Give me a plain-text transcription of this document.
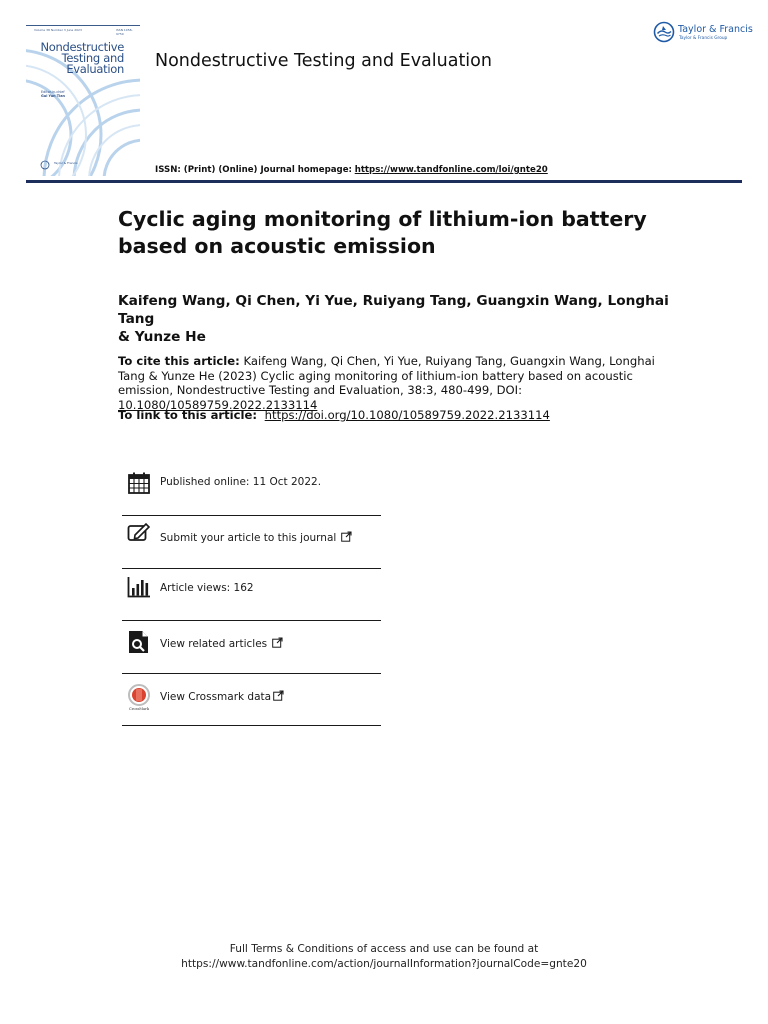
Volume 38 Number 3 June 2023	ISSN 1058-9759
Nondestructive
Testing and
Evaluation
Editor-in-chief
Gui Yun Tian
Taylor & Francis
Nondestructive Testing and Evaluation
Taylor & Francis
Taylor & Francis Group
ISSN: (Print) (Online) Journal homepage: https://www.tandfonline.com/loi/gnte20
Cyclic aging monitoring of lithium-ion battery
based on acoustic emission
Kaifeng Wang, Qi Chen, Yi Yue, Ruiyang Tang, Guangxin Wang, Longhai Tang
& Yunze He
To cite this article: Kaifeng Wang, Qi Chen, Yi Yue, Ruiyang Tang, Guangxin Wang, Longhai Tang & Yunze He (2023) Cyclic aging monitoring of lithium-ion battery based on acoustic emission, Nondestructive Testing and Evaluation, 38:3, 480-499, DOI: 10.1080/10589759.2022.2133114
To link to this article: https://doi.org/10.1080/10589759.2022.2133114
Published online: 11 Oct 2022.
Submit your article to this journal
Article views: 162
View related articles
CrossMark
View Crossmark data
Full Terms & Conditions of access and use can be found at
https://www.tandfonline.com/action/journalInformation?journalCode=gnte20
